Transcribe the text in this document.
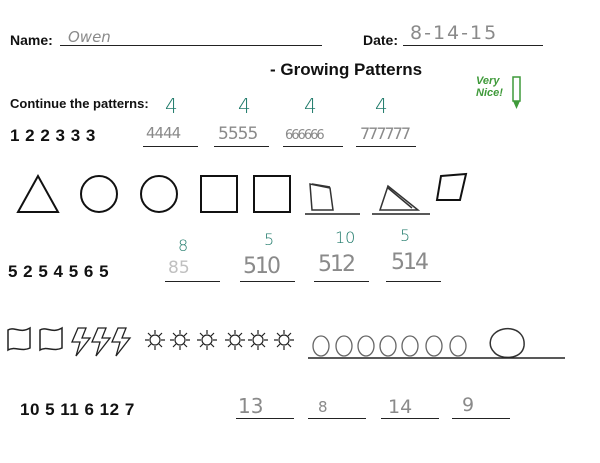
Name: Owen	Date: 8-14-15
- Growing Patterns
Very
Nice!
Continue the patterns:
1 2 2 3 3 3
4	4	4	4
4444 5555 666666 777777
5 2 5 4 5 6 5
8	5	10	5
85 510 512 514
10 5 11 6 12 7	13	8	14	9
